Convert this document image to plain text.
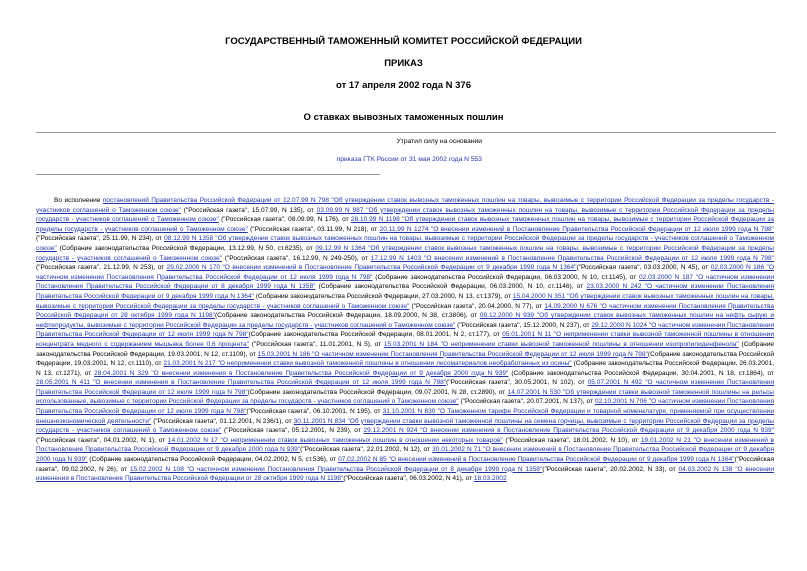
ГОСУДАРСТВЕННЫЙ ТАМОЖЕННЫЙ КОМИТЕТ РОССИЙСКОЙ ФЕДЕРАЦИИ
ПРИКАЗ
от 17 апреля 2002 года N 376
О ставках вывозных таможенных пошлин
Утратил силу на основании
приказа ГТК России от 31 мая 2002 года N 553

Во исполнение постановлений Правительства Российской Федерации от 12.07.99 N 798 "Об утверждении ставок вывозных таможенных пошлин на товары, вывозимые с территории Российской Федерации за пределы государств - участников соглашений о Таможенном союзе" ("Российская газета", 15.07.99, N 135), от 03.09.99 N 987 "Об утверждении ставок вывозных таможенных пошлин на товары, вывозимые с территории Российской Федерации за пределы государств - участников соглашений о Таможенном союзе" ("Российская газета", 08.09.99, N 176), от 28.10.99 N 1198 "Об утверждении ставок вывозных таможенных пошлин на товары, вывозимые с территории Российской Федерации за пределы государств - участников соглашений о Таможенном союзе" ("Российская газета", 03.11.99, N 218), от 20.11.99 N 1274 "О внесении изменений в Постановление Правительства Российской Федерации от 12 июля 1999 года N 798"("Российская газета", 25.11.99, N 234), от 08.12.99 N 1358 "Об утверждении ставок вывозных таможенных пошлин на товары, вывозимые с территории Российской Федерации за пределы государств - участников соглашений о Таможенном союзе" (Собрание законодательства Российской Федерации, 13.12.99, N 50, ст.6235), от 09.12.99 N 1364 "Об утверждении ставок вывозных таможенных пошлин на товары, вывозимые с территории Российской Федерации за пределы государств - участников соглашений о Таможенном союзе" ("Российская газета", 16.12.99, N 249-250), от 17.12.99 N 1403 "О внесении изменений в Постановление Правительства Российской Федерации от 12 июля 1999 года N 798"("Российская газета", 21.12.99, N 253), от 29.02.2000 N 170 "О внесении изменений в Постановление Правительства Российской Федерации от 9 декабря 1999 года N 1364"("Российская газета", 03.03.2000, N 45), от 02.03.2000 N 186 "О частичном изменении Постановления Правительства Российской Федерации от 12 июля 1999 года N 798" (Собрание законодательства Российской Федерации, 06.03.2000, N 10, ст.1145), от 02.03.2000 N 187 "О частичном изменении Постановления Правительства Российской Федерации от 8 декабря 1999 года N 1358" (Собрание законодательства Российской Федерации, 06.03.2000, N 10, ст.1146), от 23.03.2000 N 242 "О частичном изменении Постановления Правительства Российской Федерации от 9 декабря 1999 года N 1364" (Собрание законодательства Российской Федерации, 27.03.2000, N 13, ст.1379), от 15.04.2000 N 351 "Об утверждении ставок вывозных таможенных пошлин на товары, вывозимые с территории Российской Федерации за пределы государств - участников соглашений о Таможенном союзе" ("Российская газета", 20.04.2000, N 77), от 14.09.2000 N 676 "О частичном изменении Постановления Правительства Российской Федерации от 28 октября 1999 года N 1198"(Собрание законодательства Российской Федерации, 18.09.2000, N 38, ст.3806), от 09.12.2000 N 939 "Об утверждении ставок вывозных таможенных пошлин на нефть сырую и нефтепродукты, вывозимые с территории Российской Федерации за пределы государств - участников соглашений о Таможенном союзе" ("Российская газета", 15.12.2000, N 237), от 29.12.2000 N 1024 "О частичном изменении Постановления Правительства Российской Федерации от 12 июля 1999 года N 798"(Собрание законодательства Российской Федерации, 08.01.2001, N 2, ст.177), от 05.01.2001 N 11 "О неприменении ставки вывозной таможенной пошлины в отношении концентрата медного с содержанием мышьяка более 0,6 процента" ("Российская газета", 11.01.2001, N 5), от 15.03.2001 N 184 "О неприменении ставки вывозной таможенной пошлины в отношении изопропилиденфенола" (Собрание законодательства Российской Федерации, 19.03.2001, N 12, ст.1109), от 15.03.2001 N 186 "О частичном изменении Постановления Правительства Российской Федерации от 12 июля 1999 года N 798"(Собрание законодательства Российской Федерации, 19.03.2001, N 12, ст.1110), от 21.03.2001 N 217 "О неприменении ставки вывозной таможенной пошлины в отношении лесоматериалов необработанных из осины" (Собрание законодательства Российской Федерации, 26.03.2001, N 13, ст.1271), от 28.04.2001 N 329 "О внесении изменения в Постановление Правительства Российской Федерации от 9 декабря 2000 года N 939" (Собрание законодательства Российской Федерации, 30.04.2001, N 18, ст.1864), от 28.05.2001 N 411 "О внесении изменения в Постановление Правительства Российской Федерации от 12 июля 1999 года N 798"("Российская газета", 30.05.2001, N 102), от 05.07.2001 N 492 "О частичном изменении Постановления Правительства Российской Федерации от 12 июля 1999 года N 798"(Собрание законодательства Российской Федерации, 09.07.2001, N 28, ст.2890), от 14.07.2001 N 530 "Об утверждении ставки вывозной таможенной пошлины на рельсы использованные, вывозимые с территории Российской Федерации за пределы государств - участников соглашений о Таможенном союзе" ("Российская газета", 20.07.2001, N 137), от 02.10.2001 N 706 "О частичном изменении Постановления Правительства Российской Федерации от 12 июля 1999 года N 798"("Российская газета", 06.10.2001, N 195), от 31.10.2001 N 830 "О Таможенном тарифе Российской Федерации и товарной номенклатуре, применяемой при осуществлении внешнеэкономической деятельности" ("Российская газета", 01.12.2001, N 236/1), от 30.11.2001 N 834 "Об утверждении ставки вывозной таможенной пошлины на семена горчицы, вывозимые с территории Российской Федерации за пределы государств - участников соглашений о Таможенном союзе" ("Российская газета", 05.12.2001, N 239), от 29.12.2001 N 924 "О внесении изменения в Постановление Правительства Российской Федерации от 9 декабря 2000 года N 939"("Российская газета", 04.01.2002, N 1), от 14.01.2002 N 17 "О неприменении ставок вывозных таможенных пошлин в отношении некоторых товаров" ("Российская газета", 18.01.2002, N 10), от 19.01.2002 N 21 "О внесении изменений в Постановление Правительства Российской Федерации от 9 декабря 2000 года N 939"("Российская газета", 22.01.2002, N 12), от 30.01.2002 N 71 "О внесении изменений в Постановление Правительства Российской Федерации от 9 декабря 2000 года N 939" (Собрание законодательства Российской Федерации, 04.02.2002, N 5, ст.536), от 07.02.2002 N 85 "О внесении изменений в Постановление Правительства Российской Федерации от 9 декабря 1999 года N 1364"("Российская газета", 09.02.2002, N 26), от 15.02.2002 N 108 "О частичном изменении Постановления Правительства Российской Федерации от 8 декабря 1999 года N 1358"("Российская газета", 20.02.2002, N 33), от 04.03.2002 N 138 "О внесении изменения в Постановление Правительства Российской Федерации от 28 октября 1999 года N 1198"("Российская газета", 06.03.2002, N 41), от 18.03.2002
